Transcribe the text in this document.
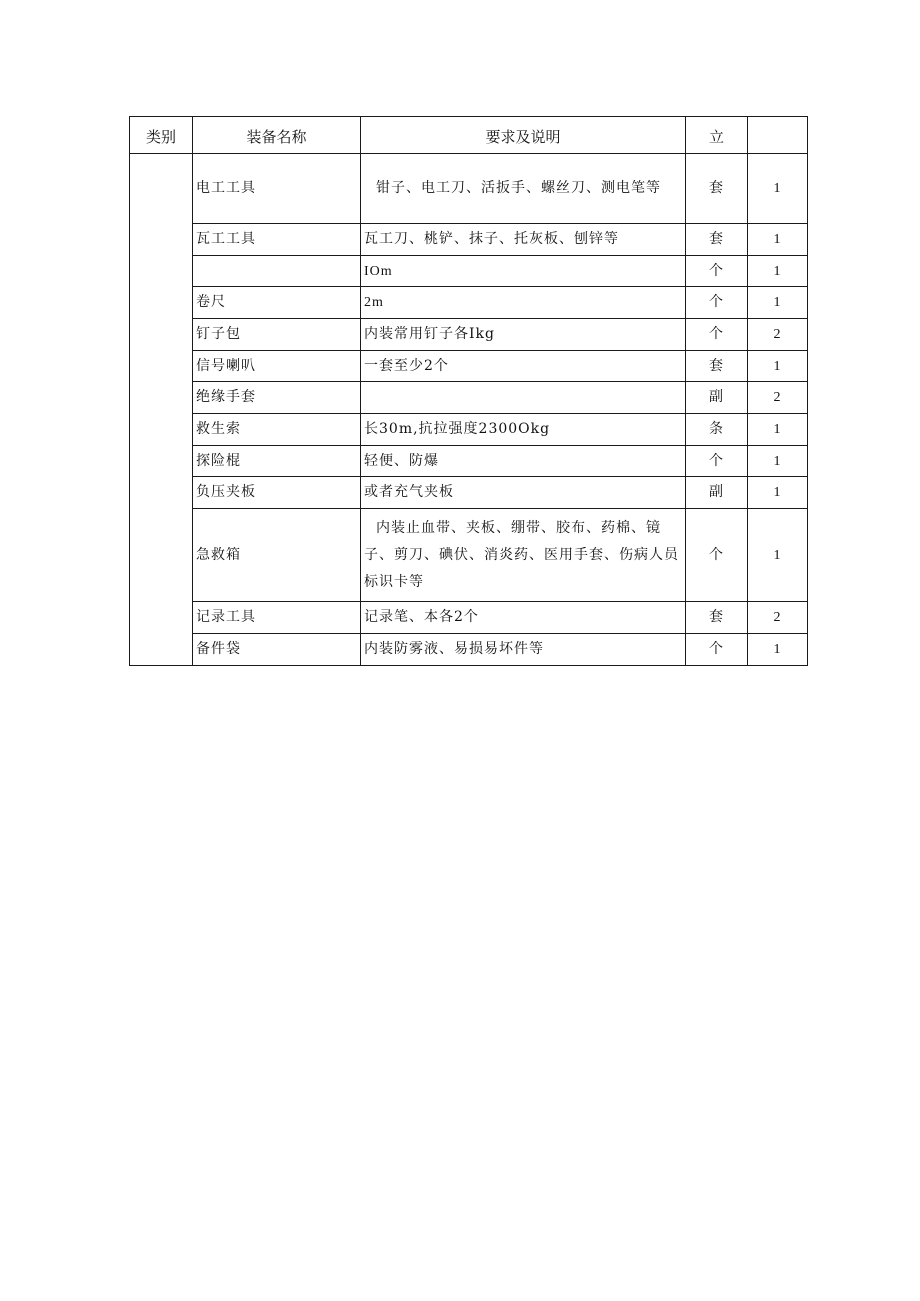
类别	装备名称	要求及说明	立	
	电工工具	钳子、电工刀、活扳手、螺丝刀、测电笔等	套	1
	瓦工工具	瓦工刀、桃铲、抹子、托灰板、刨锌等	套	1
		IOm	个	1
	卷尺	2m	个	1
	钉子包	内装常用钉子各Ikg	个	2
	信号喇叭	一套至少2个	套	1
	绝缘手套		副	2
	救生索	长30m,抗拉强度2300Okg	条	1
	探险棍	轻便、防爆	个	1
	负压夹板	或者充气夹板	副	1
	急救箱	内装止血带、夹板、绷带、胶布、药棉、镜子、剪刀、碘伏、消炎药、医用手套、伤病人员标识卡等	个	1
	记录工具	记录笔、本各2个	套	2
	备件袋	内装防雾液、易损易坏件等	个	1
